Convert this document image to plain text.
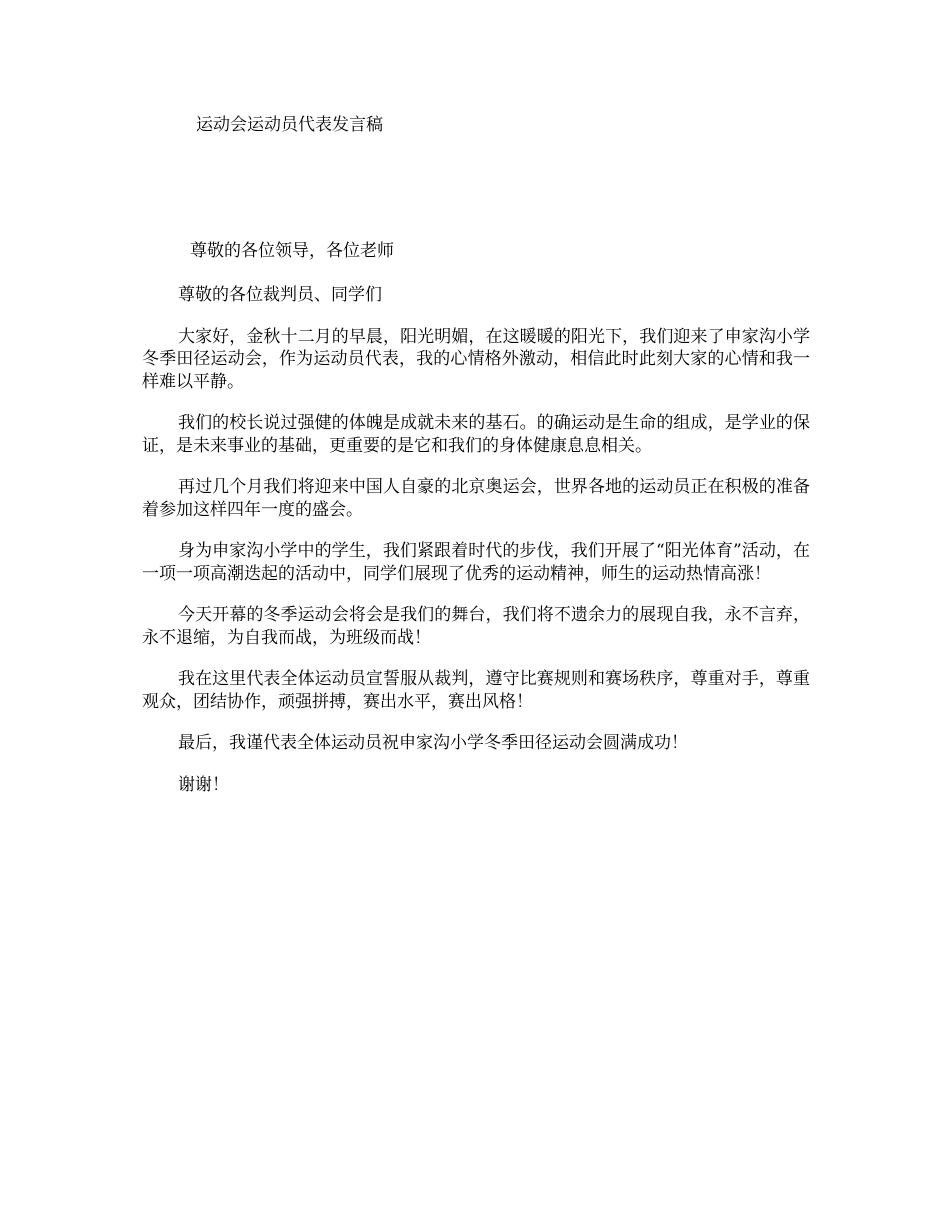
运动会运动员代表发言稿
尊敬的各位领导，各位老师

尊敬的各位裁判员、同学们

大家好，金秋十二月的早晨，阳光明媚，在这暖暖的阳光下，我们迎来了申家沟小学冬季田径运动会，作为运动员代表，我的心情格外激动，相信此时此刻大家的心情和我一样难以平静。

我们的校长说过强健的体魄是成就未来的基石。的确运动是生命的组成，是学业的保证，是未来事业的基础，更重要的是它和我们的身体健康息息相关。

再过几个月我们将迎来中国人自豪的北京奥运会，世界各地的运动员正在积极的准备着参加这样四年一度的盛会。

身为申家沟小学中的学生，我们紧跟着时代的步伐，我们开展了“阳光体育”活动，在一项一项高潮迭起的活动中，同学们展现了优秀的运动精神，师生的运动热情高涨！

今天开幕的冬季运动会将会是我们的舞台，我们将不遗余力的展现自我，永不言弃，永不退缩，为自我而战，为班级而战！

我在这里代表全体运动员宣誓服从裁判，遵守比赛规则和赛场秩序，尊重对手，尊重观众，团结协作，顽强拼搏，赛出水平，赛出风格！

最后，我谨代表全体运动员祝申家沟小学冬季田径运动会圆满成功！

谢谢！
